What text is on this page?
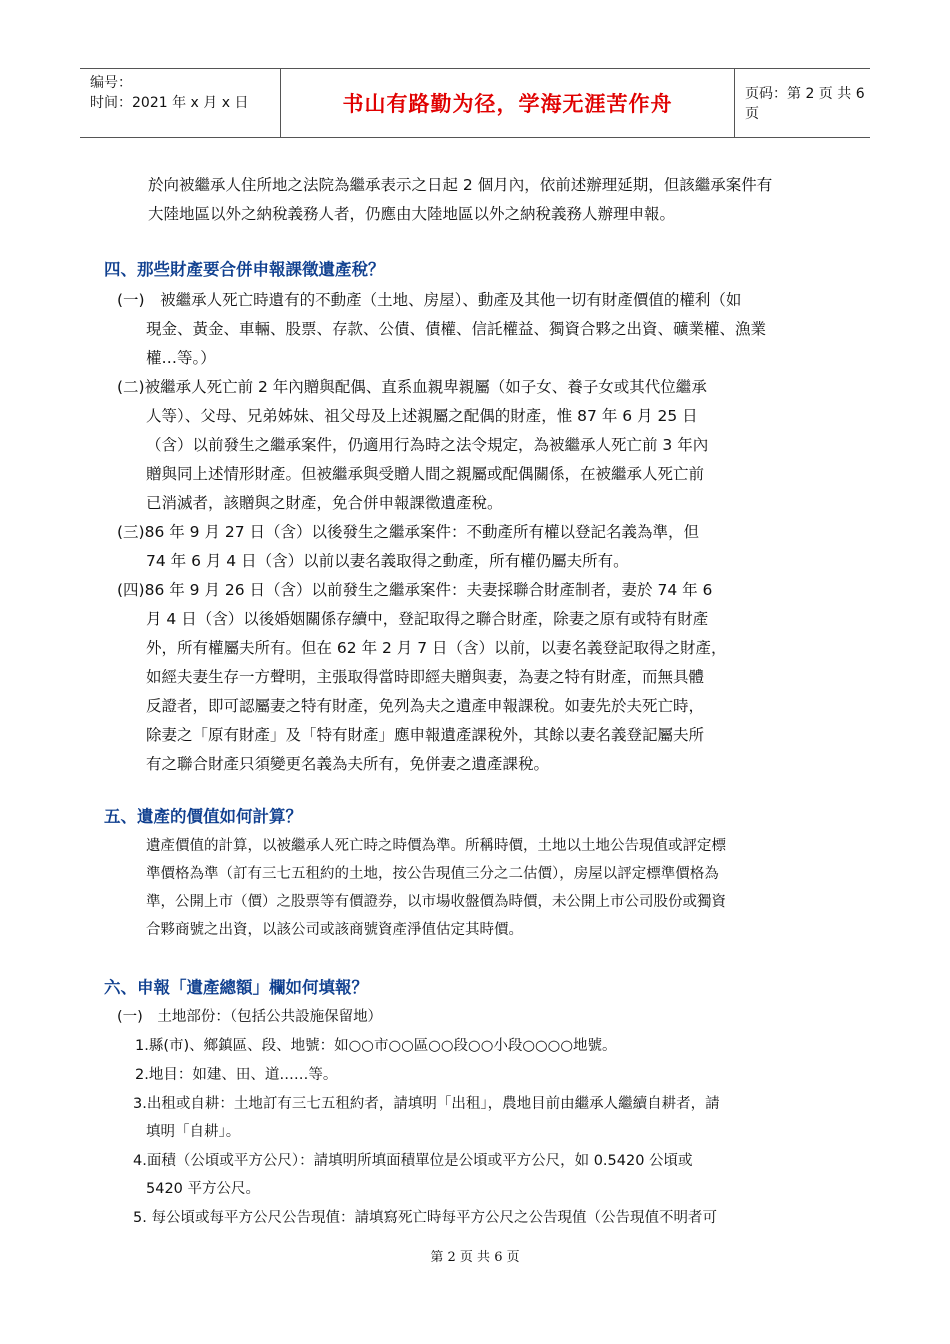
编号：
时间：2021 年 x 月 x 日	书山有路勤为径，学海无涯苦作舟	页码：第 2 页 共 6 页

於向被繼承人住所地之法院為繼承表示之日起 2 個月內，依前述辦理延期，但該繼承案件有

大陸地區以外之納稅義務人者，仍應由大陸地區以外之納稅義務人辦理申報。

四、那些財產要合併申報課徵遺產稅？

(一)　被繼承人死亡時遺有的不動產（土地、房屋）、動產及其他一切有財產價值的權利（如

現金、黃金、車輛、股票、存款、公債、債權、信託權益、獨資合夥之出資、礦業權、漁業

權…等。）

(二)被繼承人死亡前 2 年內贈與配偶、直系血親卑親屬（如子女、養子女或其代位繼承

人等）、父母、兄弟姊妹、祖父母及上述親屬之配偶的財產，惟 87 年 6 月 25 日

（含）以前發生之繼承案件，仍適用行為時之法令規定，為被繼承人死亡前 3 年內

贈與同上述情形財產。但被繼承與受贈人間之親屬或配偶關係，在被繼承人死亡前

已消滅者，該贈與之財產，免合併申報課徵遺產稅。

(三)86 年 9 月 27 日（含）以後發生之繼承案件：不動產所有權以登記名義為準，但

74 年 6 月 4 日（含）以前以妻名義取得之動產，所有權仍屬夫所有。

(四)86 年 9 月 26 日（含）以前發生之繼承案件：夫妻採聯合財產制者，妻於 74 年 6

月 4 日（含）以後婚姻關係存續中，登記取得之聯合財產，除妻之原有或特有財產

外，所有權屬夫所有。但在 62 年 2 月 7 日（含）以前，以妻名義登記取得之財產，

如經夫妻生存一方聲明，主張取得當時即經夫贈與妻，為妻之特有財產，而無具體

反證者，即可認屬妻之特有財產，免列為夫之遺產申報課稅。如妻先於夫死亡時，

除妻之「原有財產」及「特有財產」應申報遺產課稅外，其餘以妻名義登記屬夫所

有之聯合財產只須變更名義為夫所有，免併妻之遺產課稅。

五、遺產的價值如何計算？

遺產價值的計算，以被繼承人死亡時之時價為準。所稱時價，土地以土地公告現值或評定標

準價格為準（訂有三七五租約的土地，按公告現值三分之二估價），房屋以評定標準價格為

準，公開上市（價）之股票等有價證券，以市場收盤價為時價，未公開上市公司股份或獨資

合夥商號之出資，以該公司或該商號資產淨值估定其時價。

六、申報「遺產總額」欄如何填報？

(一)　土地部份：（包括公共設施保留地）

1.縣(市)、鄉鎮區、段、地號：如○○市○○區○○段○○小段○○○○地號。

2.地目：如建、田、道……等。

3.出租或自耕：土地訂有三七五租約者，請填明「出租」，農地目前由繼承人繼續自耕者，請

填明「自耕」。

4.面積（公頃或平方公尺）：請填明所填面積單位是公頃或平方公尺，如 0.5420 公頃或

5420 平方公尺。

5. 每公頃或每平方公尺公告現值：請填寫死亡時每平方公尺之公告現值（公告現值不明者可

第 2 页 共 6 页
